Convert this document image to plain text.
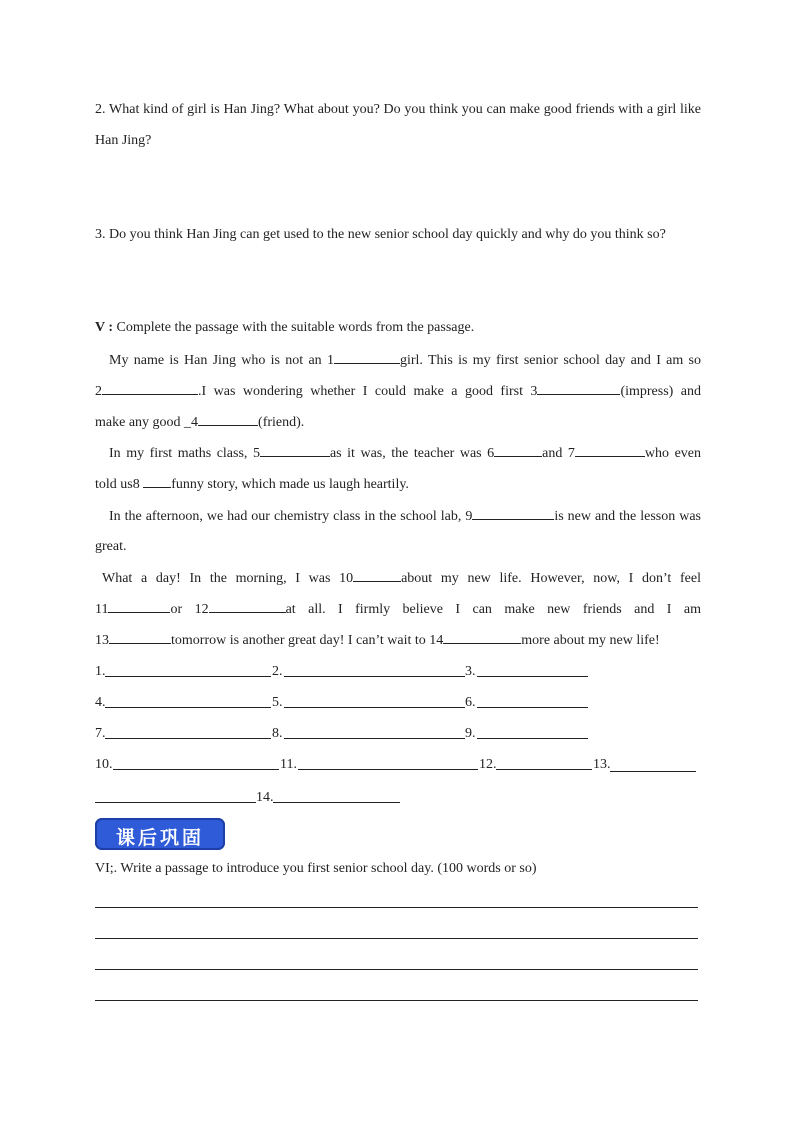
2. What kind of girl is Han Jing? What about you? Do you think you can make good friends with a girl like
Han Jing?
3. Do you think Han Jing can get used to the new senior school day quickly and why do you think so?
V : Complete the passage with the suitable words from the passage.
My name is Han Jing who is not an 1	girl. This is my first senior school day and I am so
2	.I was wondering whether I could make a good first 3	(impress) and
make any good _4	(friend).
In my first maths class, 5	as it was, the teacher was 6	and 7	who even
told us8 funny story, which made us laugh heartily.
In the afternoon, we had our chemistry class in the school lab, 9	is new and the lesson was
great.
What a day! In the morning, I was 10	about my new life. However, now, I don’t feel
11	or 12	at all. I firmly believe I can make new friends and I am
13	tomorrow is another great day! I can’t wait to 14	more about my new life!
1.	2.	3.
4.	5.	6.
7.	8.	9.
10.	11.	12.	13.
14.
课后巩固
VI;. Write a passage to introduce you first senior school day. (100 words or so)
